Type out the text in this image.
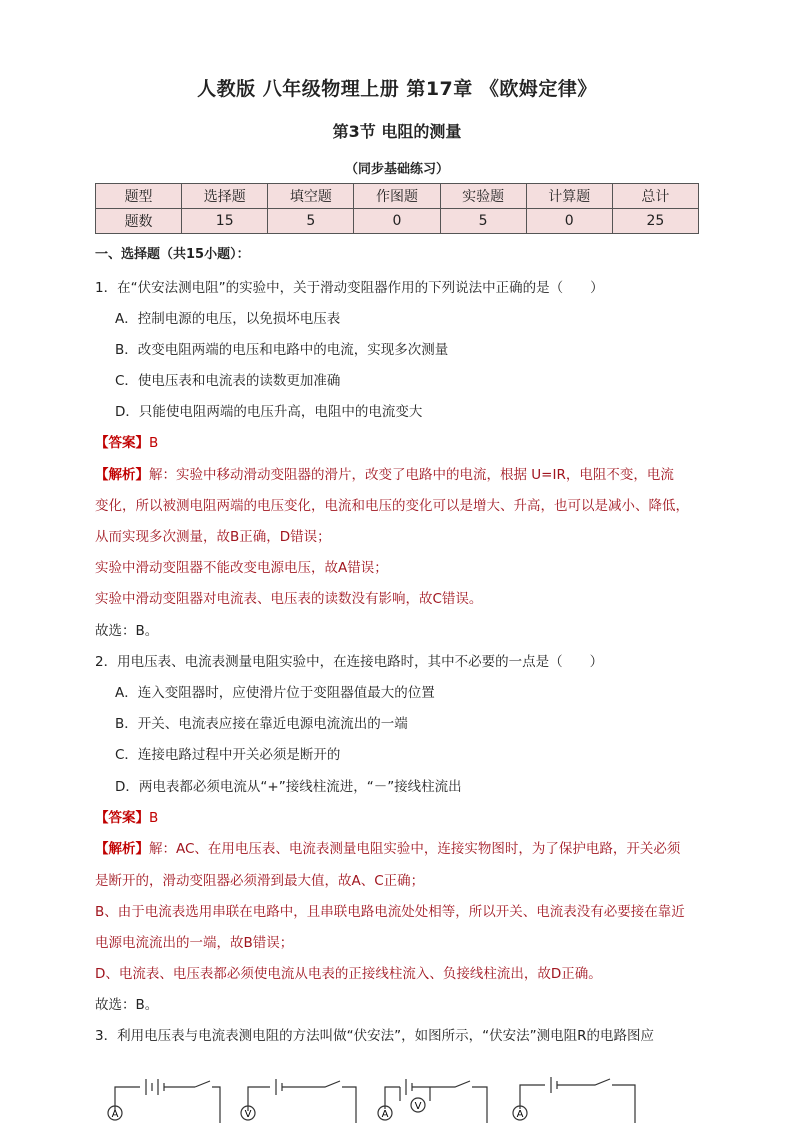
人教版 八年级物理上册 第17章 《欧姆定律》
第3节 电阻的测量
（同步基础练习）
题型	选择题	填空题	作图题	实验题	计算题	总计
题数	15	5	0	5	0	25
一、选择题（共15小题）：
1．在“伏安法测电阻”的实验中，关于滑动变阻器作用的下列说法中正确的是（　　）
A．控制电源的电压，以免损坏电压表
B．改变电阻两端的电压和电路中的电流，实现多次测量
C．使电压表和电流表的读数更加准确
D．只能使电阻两端的电压升高，电阻中的电流变大
【答案】B
【解析】解：实验中移动滑动变阻器的滑片，改变了电路中的电流，根据 U=IR，电阻不变，电流
变化，所以被测电阻两端的电压变化，电流和电压的变化可以是增大、升高，也可以是减小、降低，
从而实现多次测量，故B正确，D错误；
实验中滑动变阻器不能改变电源电压，故A错误；
实验中滑动变阻器对电流表、电压表的读数没有影响，故C错误。
故选：B。
2．用电压表、电流表测量电阻实验中，在连接电路时，其中不必要的一点是（　　）
A．连入变阻器时，应使滑片位于变阻器值最大的位置
B．开关、电流表应接在靠近电源电流流出的一端
C．连接电路过程中开关必须是断开的
D．两电表都必须电流从“+”接线柱流进，“－”接线柱流出
【答案】B
【解析】解：AC、在用电压表、电流表测量电阻实验中，连接实物图时，为了保护电路，开关必须
是断开的，滑动变阻器必须滑到最大值，故A、C正确；
B、由于电流表选用串联在电路中，且串联电路电流处处相等，所以开关、电流表没有必要接在靠近
电源电流流出的一端，故B错误；
D、电流表、电压表都必须使电流从电表的正接线柱流入、负接线柱流出，故D正确。
故选：B。
3．利用电压表与电流表测电阻的方法叫做“伏安法”，如图所示，“伏安法”测电阻R的电路图应
A	V	A
V
A
